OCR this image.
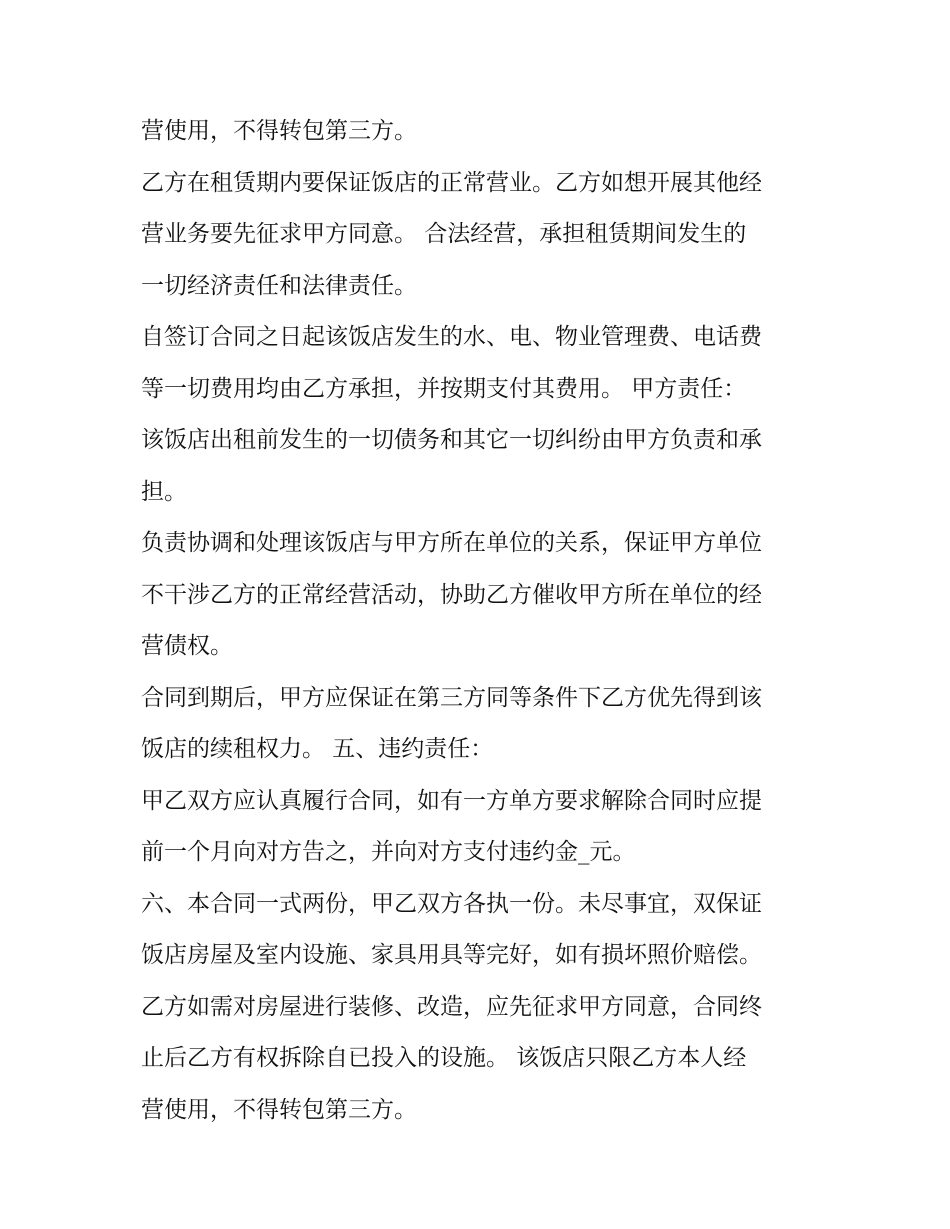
营使用，不得转包第三方。
乙方在租赁期内要保证饭店的正常营业。乙方如想开展其他经
营业务要先征求甲方同意。 合法经营，承担租赁期间发生的
一切经济责任和法律责任。
自签订合同之日起该饭店发生的水、电、物业管理费、电话费
等一切费用均由乙方承担，并按期支付其费用。 甲方责任：
该饭店出租前发生的一切债务和其它一切纠纷由甲方负责和承
担。
负责协调和处理该饭店与甲方所在单位的关系，保证甲方单位
不干涉乙方的正常经营活动，协助乙方催收甲方所在单位的经
营债权。
合同到期后，甲方应保证在第三方同等条件下乙方优先得到该
饭店的续租权力。 五、违约责任：
甲乙双方应认真履行合同，如有一方单方要求解除合同时应提
前一个月向对方告之，并向对方支付违约金_元。
六、本合同一式两份，甲乙双方各执一份。未尽事宜，双保证
饭店房屋及室内设施、家具用具等完好，如有损坏照价赔偿。
乙方如需对房屋进行装修、改造，应先征求甲方同意，合同终
止后乙方有权拆除自已投入的设施。 该饭店只限乙方本人经
营使用，不得转包第三方。
